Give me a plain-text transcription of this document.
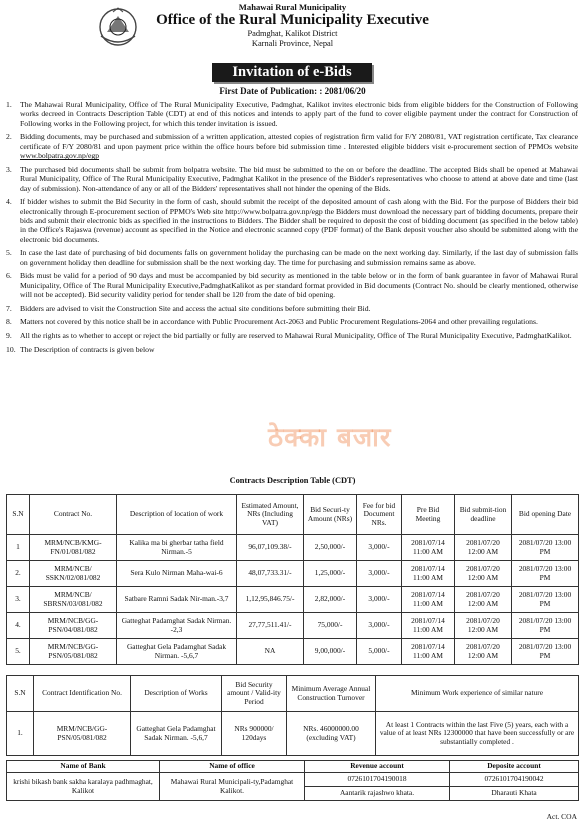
Mahawai Rural Municipality
Office of the Rural Municipality Executive
Padmghat, Kalikot District
Karnali Province, Nepal
Invitation of e-Bids
First Date of Publication: : 2081/06/20
1. The Mahawai Rural Municipality, Office of The Rural Municipality Executive, Padmghat, Kalikot invites electronic bids from eligible bidders for the Construction of Following works decreed in Contracts Description Table (CDT) at end of this notices and intends to apply part of the fund to cover eligible payment under the contract for Construction of Following works in the Following project, for which this tender invitation is issued.
2. Bidding documents, may be purchased and submission of a written application, attested copies of registration firm valid for F/Y 2080/81, VAT registration certificate, Tax clearance certificate of F/Y 2080/81 and upon payment price within the office hours before bid submission time . Interested eligible bidders visit e-procurement section of PPMOs website www.bolpatra.gov.np/egp
3. The purchased bid documents shall be submit from bolpatra website. The bid must be submitted to the on or before the deadline. The accepted Bids shall be opened at Mahawai Rural Municipality, Office of The Rural Municipality Executive, Padmghat Kalikot in the presence of the Bidder's representatives who choose to attend at above date and time (last day of submission). Non-attendance of any or all of the Bidders' representatives shall not hinder the opening of the Bids.
4. If bidder wishes to submit the Bid Security in the form of cash, should submit the receipt of the deposited amount of cash along with the Bid. For the purpose of Bidders their bid electronically through E-procurement section of PPMO's Web site http://www.bolpatra.gov.np/egp the Bidders must download the necessary part of bidding documents, prepare their bids and submit their electronic bids as specified in the instructions to Bidders. The Bidder shall be required to deposit the cost of bidding document (as specified in the below table) in the Office's Rajaswa (revenue) account as specified in the Notice and electronic scanned copy (PDF format) of the Bank deposit voucher also should be submitted along with the electronic bid documents.
5. In case the last date of purchasing of bid documents falls on government holiday the purchasing can be made on the next working day. Similarly, if the last day of submission falls on government holiday then deadline for submission shall be the next working day. The time for purchasing and submission remains same as above.
6. Bids must be valid for a period of 90 days and must be accompanied by bid security as mentioned in the table below or in the form of bank guarantee in favor of Mahawai Rural Municipality, Office of The Rural Municipality Executive,PadmghatKalikot as per standard format provided in Bid documents (Contract No. should be clearly mentioned, otherwise will not be accepted). Bid security validity period for tender shall be 120 from the date of bid opening.
7. Bidders are advised to visit the Construction Site and access the actual site conditions before submitting their Bid.
8. Matters not covered by this notice shall be in accordance with Public Procurement Act-2063 and Public Procurement Regulations-2064 and other prevailing regulations.
9. All the rights as to whether to accept or reject the bid partially or fully are reserved to Mahawai Rural Municipality, Office of The Rural Municipality Executive, PadmghatKalikot.
10. The Description of contracts is given below
ठेक्का बजार
Contracts Description Table (CDT)
S.N	Contract No.	Description of location of work	Estimated Amount, NRs (Including VAT)	Bid Securi-ty Amount (NRs)	Fee for bid Document NRs.	Pre Bid Meeting	Bid submit-tion deadline	Bid opening Date
1	MRM/NCB/KMG-FN/01/081/082	Kalika ma bi gherbar tatha field Nirman.-5	96,07,109.38/-	2,50,000/-	3,000/-	2081/07/14 11:00 AM	2081/07/20 12:00 AM	2081/07/20 13:00 PM
2.	MRM/NCB/ SSKN/02/081/082	Sera Kulo Nirman Maha-wai-6	48,07,733.31/-	1,25,000/-	3,000/-	2081/07/14 11:00 AM	2081/07/20 12:00 AM	2081/07/20 13:00 PM
3.	MRM/NCB/ SBRSN/03/081/082	Satbare Ramni Sadak Nir-man.-3,7	1,12,95,846.75/-	2,82,000/-	3,000/-	2081/07/14 11:00 AM	2081/07/20 12:00 AM	2081/07/20 13:00 PM
4.	MRM/NCB/GG-PSN/04/081/082	Gatteghat Padamghat Sadak Nirman. -2,3	27,77,511.41/-	75,000/-	3,000/-	2081/07/14 11:00 AM	2081/07/20 12:00 AM	2081/07/20 13:00 PM
5.	MRM/NCB/GG-PSN/05/081/082	Gatteghat Gela Padamghat Sadak Nirman. -5,6,7	NA	9,00,000/-	5,000/-	2081/07/14 11:00 AM	2081/07/20 12:00 AM	2081/07/20 13:00 PM
S.N	Contract Identification No.	Description of Works	Bid Security amount / Valid-ity Period	Minimum Average Annual Construction Turnover	Minimum Work experience of similar nature
1.	MRM/NCB/GG-PSN/05/081/082	Gatteghat Gela Padamghat Sadak Nirman. -5,6,7	NRs 900000/ 120days	NRs. 46000000.00 (excluding VAT)	At least 1 Contracts within the last Five (5) years, each with a value of at least NRs 12300000 that have been successfully or are substantially completed .
Name of Bank	Name of office	Revenue account	Deposite account
krishi bikash bank sakha karalaya padhmaghat, Kalikot	Mahawai Rural Municipali-ty,Padamghat Kalikot.	0726101704190018	0726101704190042
		Aantarik rajashwo khata.	Dharauti Khata
Act. COA
